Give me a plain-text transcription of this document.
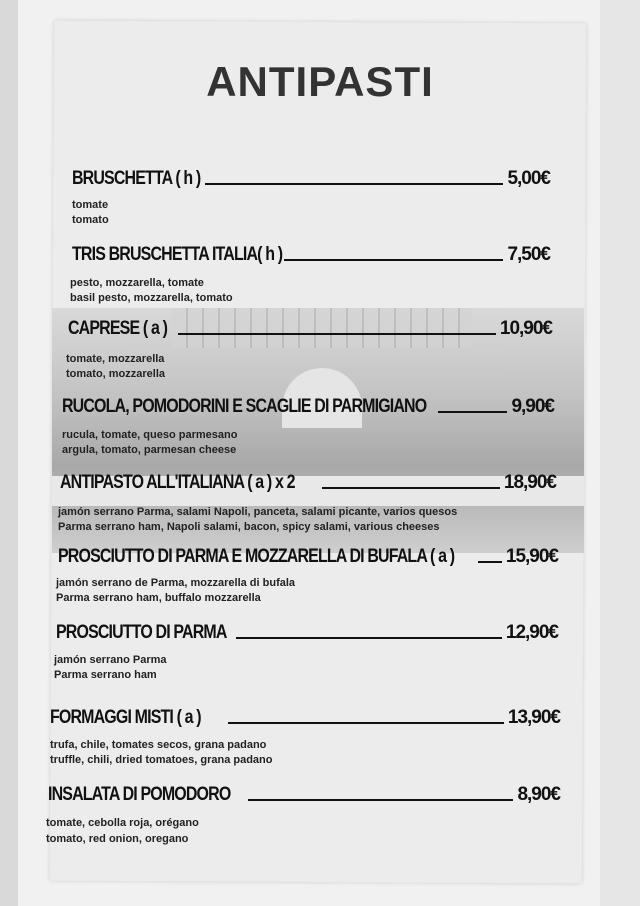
ANTIPASTI
BRUSCHETTA ( h )	5,00€
tomate
tomato
TRIS BRUSCHETTA ITALIA( h )	7,50€
pesto, mozzarella, tomate
basil pesto, mozzarella, tomato
CAPRESE ( a )	10,90€
tomate, mozzarella
tomato, mozzarella
RUCOLA, POMODORINI E SCAGLIE DI PARMIGIANO	9,90€
rucula, tomate, queso parmesano
argula, tomato, parmesan cheese
ANTIPASTO ALL'ITALIANA ( a ) x 2	18,90€
jamón serrano Parma, salami Napoli, panceta, salami picante, varios quesos
Parma serrano ham, Napoli salami, bacon, spicy salami, various cheeses
PROSCIUTTO DI PARMA E MOZZARELLA DI BUFALA ( a )	15,90€
jamón serrano de Parma, mozzarella di bufala
Parma serrano ham, buffalo mozzarella
PROSCIUTTO DI PARMA	12,90€
jamón serrano Parma
Parma serrano ham
FORMAGGI MISTI ( a )	13,90€
trufa, chile, tomates secos, grana padano
truffle, chili, dried tomatoes, grana padano
INSALATA DI POMODORO	8,90€
tomate, cebolla roja, orégano
tomato, red onion, oregano
